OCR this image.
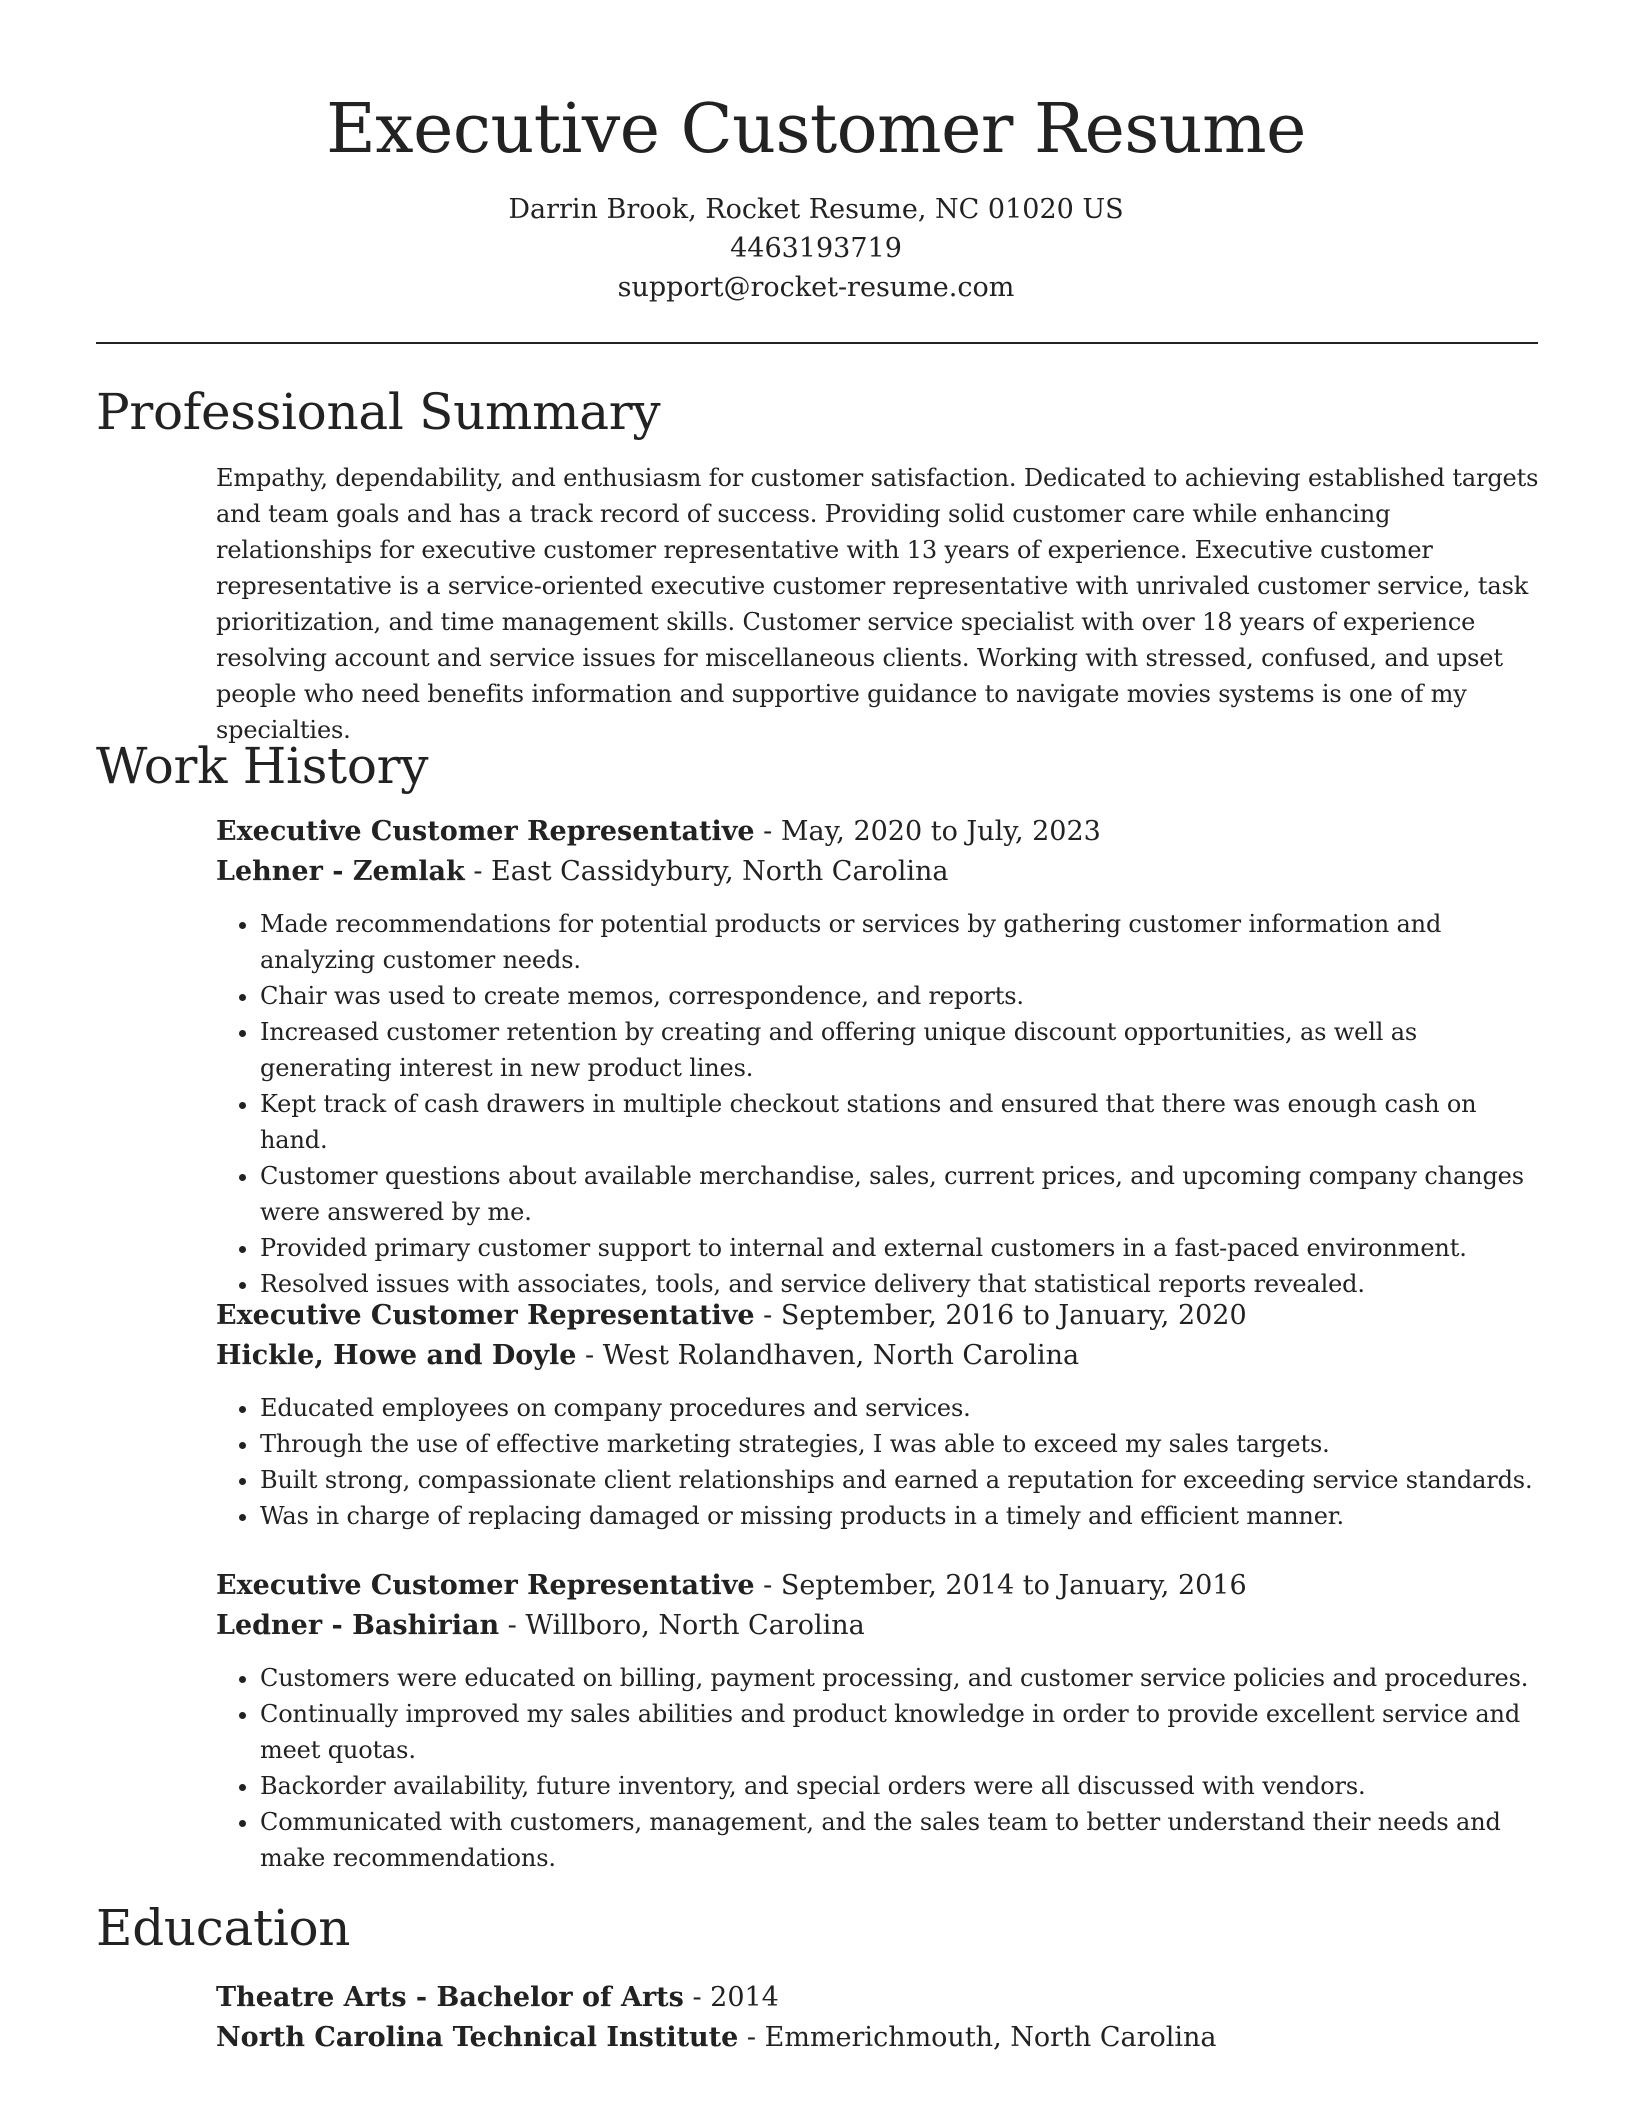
Executive Customer Resume
Darrin Brook, Rocket Resume, NC 01020 US
4463193719
support@rocket-resume.com
Professional Summary

Empathy, dependability, and enthusiasm for customer satisfaction. Dedicated to achieving established targets and team goals and has a track record of success. Providing solid customer care while enhancing relationships for executive customer representative with 13 years of experience. Executive customer representative is a service-oriented executive customer representative with unrivaled customer service, task prioritization, and time management skills. Customer service specialist with over 18 years of experience resolving account and service issues for miscellaneous clients. Working with stressed, confused, and upset people who need benefits information and supportive guidance to navigate movies systems is one of my specialties.

Work History
Executive Customer Representative - May, 2020 to July, 2023
Lehner - Zemlak - East Cassidybury, North Carolina
• Made recommendations for potential products or services by gathering customer information and analyzing customer needs.
• Chair was used to create memos, correspondence, and reports.
• Increased customer retention by creating and offering unique discount opportunities, as well as generating interest in new product lines.
• Kept track of cash drawers in multiple checkout stations and ensured that there was enough cash on hand.
• Customer questions about available merchandise, sales, current prices, and upcoming company changes were answered by me.
• Provided primary customer support to internal and external customers in a fast-paced environment.
• Resolved issues with associates, tools, and service delivery that statistical reports revealed.
Executive Customer Representative - September, 2016 to January, 2020
Hickle, Howe and Doyle - West Rolandhaven, North Carolina
• Educated employees on company procedures and services.
• Through the use of effective marketing strategies, I was able to exceed my sales targets.
• Built strong, compassionate client relationships and earned a reputation for exceeding service standards.
• Was in charge of replacing damaged or missing products in a timely and efficient manner.
Executive Customer Representative - September, 2014 to January, 2016
Ledner - Bashirian - Willboro, North Carolina
• Customers were educated on billing, payment processing, and customer service policies and procedures.
• Continually improved my sales abilities and product knowledge in order to provide excellent service and meet quotas.
• Backorder availability, future inventory, and special orders were all discussed with vendors.
• Communicated with customers, management, and the sales team to better understand their needs and make recommendations.
Education
Theatre Arts - Bachelor of Arts - 2014
North Carolina Technical Institute - Emmerichmouth, North Carolina
